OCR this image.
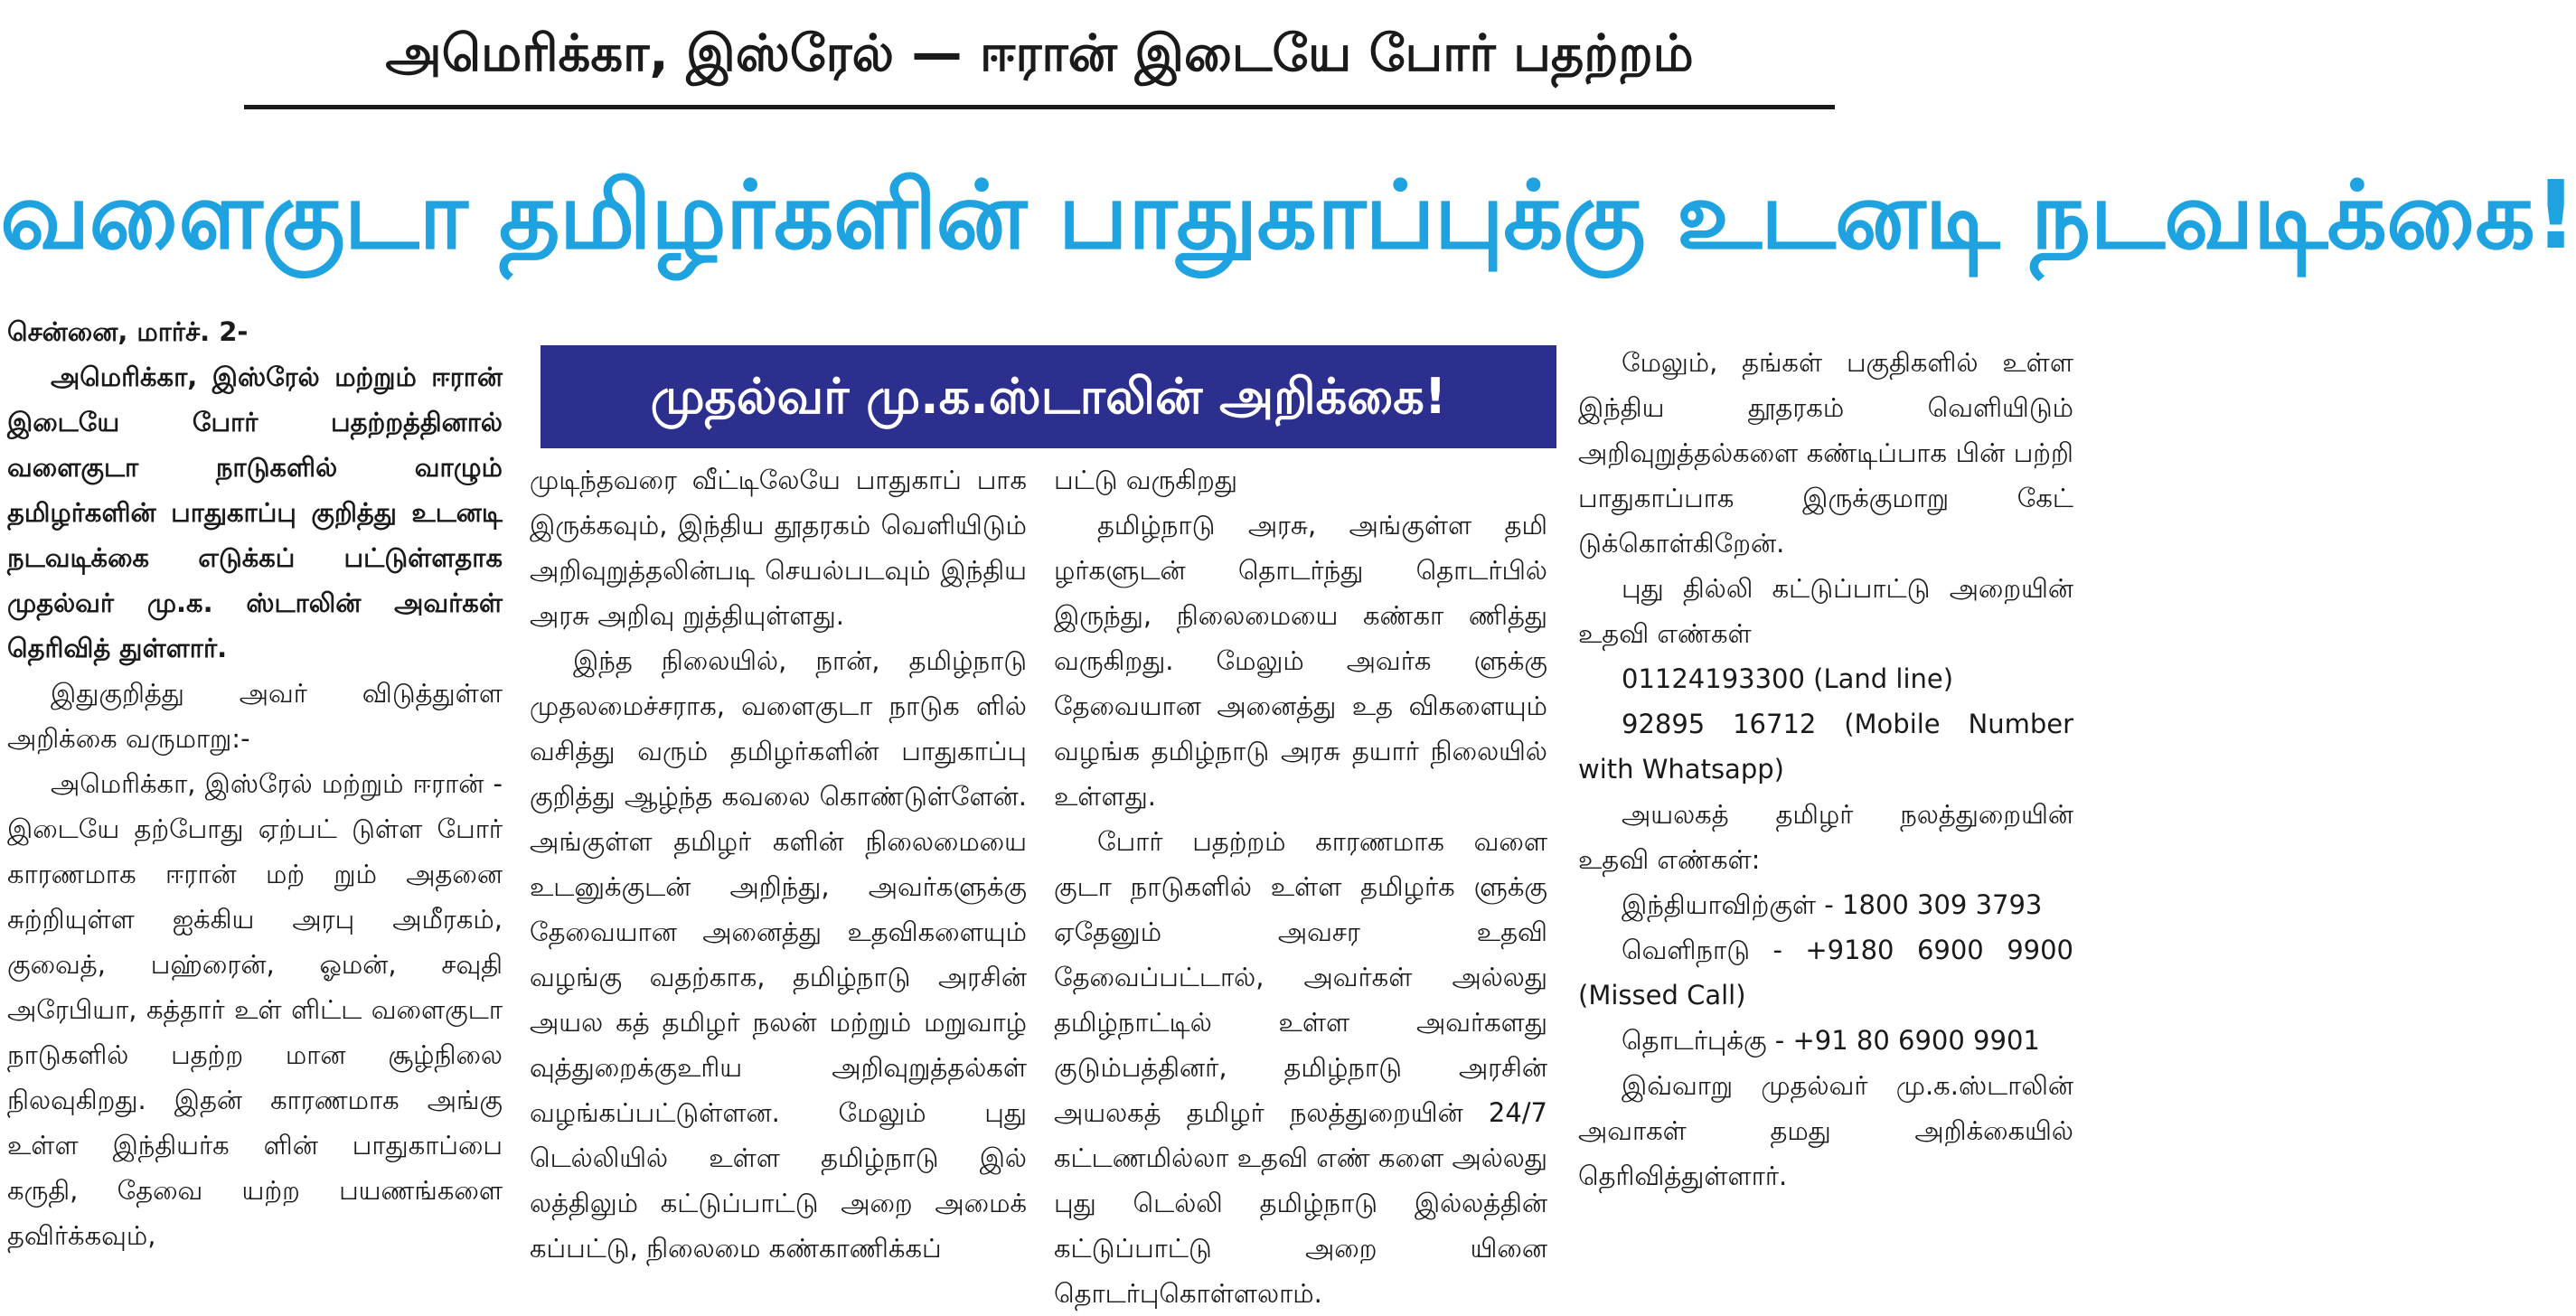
அமெரிக்கா, இஸ்ரேல் — ஈரான் இடையே போர் பதற்றம்
வளைகுடா தமிழர்களின் பாதுகாப்புக்கு உடனடி நடவடிக்கை!
முதல்வர் மு.க.ஸ்டாலின் அறிக்கை!

சென்னை, மார்ச். 2-

அமெரிக்கா, இஸ்ரேல் மற்றும் ஈரான் இடையே போர் பதற்றத்தினால் வளைகுடா நாடுகளில் வாழும் தமிழர்களின் பாதுகாப்பு குறித்து உடனடி நடவடிக்கை எடுக்கப் பட்டுள்ளதாக முதல்வர் மு.க. ஸ்டாலின் அவர்கள் தெரிவித் துள்ளார்.

இதுகுறித்து அவர் விடுத்துள்ள அறிக்கை வருமாறு:-

அமெரிக்கா, இஸ்ரேல் மற்றும் ஈரான் - இடையே தற்போது ஏற்பட் டுள்ள போர் காரணமாக ஈரான் மற் றும் அதனை சுற்றியுள்ள ஐக்கிய அரபு அமீரகம், குவைத், பஹ்ரைன், ஓமன், சவுதி அரேபியா, கத்தார் உள் ளிட்ட வளைகுடா நாடுகளில் பதற்ற மான சூழ்நிலை நிலவுகிறது. இதன் காரணமாக அங்கு உள்ள இந்தியர்க ளின் பாதுகாப்பை கருதி, தேவை யற்ற பயணங்களை தவிர்க்கவும்,

முடிந்தவரை வீட்டிலேயே பாதுகாப் பாக இருக்கவும், இந்திய தூதரகம் வெளியிடும் அறிவுறுத்தலின்படி செயல்படவும் இந்திய அரசு அறிவு றுத்தியுள்ளது.

இந்த நிலையில், நான், தமிழ்நாடு முதலமைச்சராக, வளைகுடா நாடுக ளில் வசித்து வரும் தமிழர்களின் பாதுகாப்பு குறித்து ஆழ்ந்த கவலை கொண்டுள்ளேன். அங்குள்ள தமிழர் களின் நிலைமையை உடனுக்குடன் அறிந்து, அவர்களுக்கு தேவையான அனைத்து உதவிகளையும் வழங்கு வதற்காக, தமிழ்நாடு அரசின் அயல கத் தமிழர் நலன் மற்றும் மறுவாழ் வுத்துறைக்குஉரிய அறிவுறுத்தல்கள் வழங்கப்பட்டுள்ளன. மேலும் புது டெல்லியில் உள்ள தமிழ்நாடு இல் லத்திலும் கட்டுப்பாட்டு அறை அமைக் கப்பட்டு, நிலைமை கண்காணிக்கப்

பட்டு வருகிறது

தமிழ்நாடு அரசு, அங்குள்ள தமி ழர்களுடன் தொடர்ந்து தொடர்பில் இருந்து, நிலைமையை கண்கா ணித்து வருகிறது. மேலும் அவர்க ளுக்கு தேவையான அனைத்து உத விகளையும் வழங்க தமிழ்நாடு அரசு தயார் நிலையில் உள்ளது.

போர் பதற்றம் காரணமாக வளை குடா நாடுகளில் உள்ள தமிழர்க ளுக்கு ஏதேனும் அவசர உதவி தேவைப்பட்டால், அவர்கள் அல்லது தமிழ்நாட்டில் உள்ள அவர்களது குடும்பத்தினர், தமிழ்நாடு அரசின் அயலகத் தமிழர் நலத்துறையின் 24/7 கட்டணமில்லா உதவி எண் களை அல்லது புது டெல்லி தமிழ்நாடு இல்லத்தின் கட்டுப்பாட்டு அறை யினை தொடர்புகொள்ளலாம்.

மேலும், தங்கள் பகுதிகளில் உள்ள இந்திய தூதரகம் வெளியிடும் அறிவுறுத்தல்களை கண்டிப்பாக பின் பற்றி பாதுகாப்பாக இருக்குமாறு கேட் டுக்கொள்கிறேன்.

புது தில்லி கட்டுப்பாட்டு அறையின் உதவி எண்கள்

01124193300 (Land line)

92895 16712 (Mobile Number with Whatsapp)

அயலகத் தமிழர் நலத்துறையின் உதவி எண்கள்:

இந்தியாவிற்குள் - 1800 309 3793

வெளிநாடு - +9180 6900 9900 (Missed Call)

தொடர்புக்கு - +91 80 6900 9901

இவ்வாறு முதல்வர் மு.க.ஸ்டாலின் அவாகள் தமது அறிக்கையில் தெரிவித்துள்ளார்.
